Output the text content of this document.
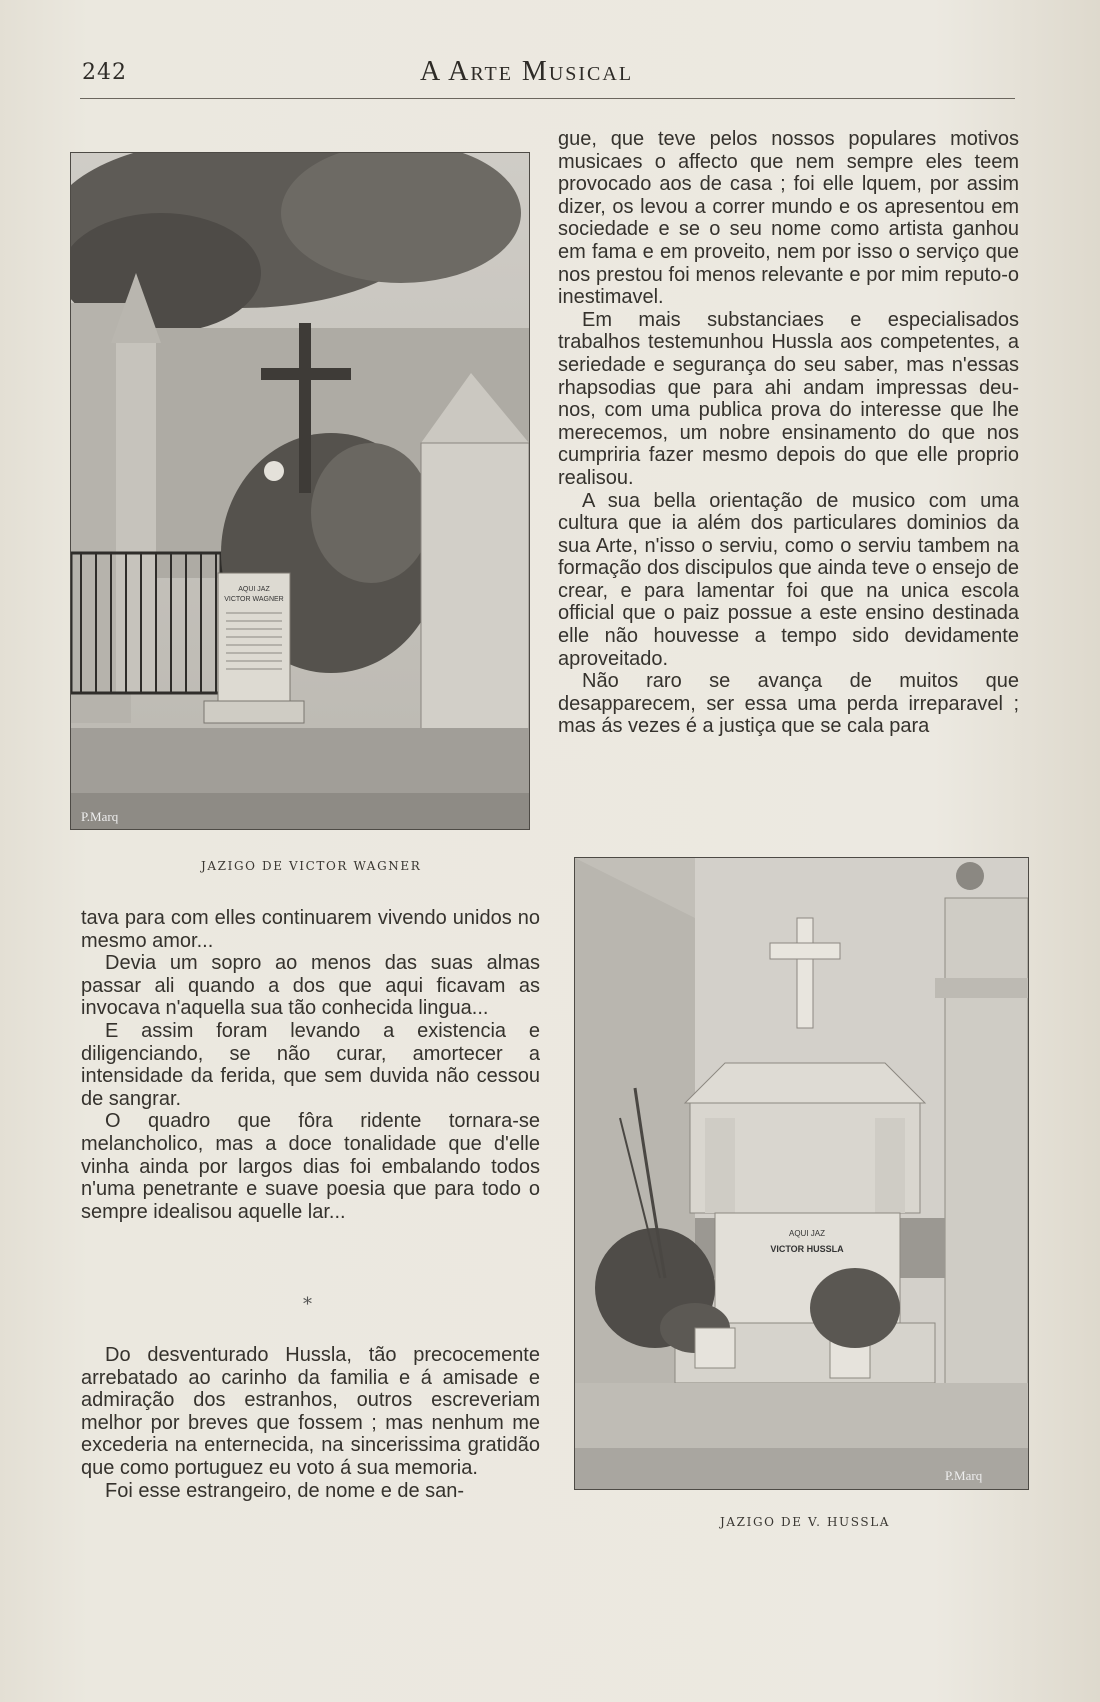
242	A Arte Musical
AQUI JAZ
VICTOR WAGNER
P.Marq
JAZIGO DE VICTOR WAGNER

gue, que teve pelos nossos populares motivos musicaes o affecto que nem sempre eles teem provocado aos de casa ; foi elle lquem, por assim dizer, os levou a correr mundo e os apresentou em sociedade e se o seu nome como artista ganhou em fama e em proveito, nem por isso o serviço que nos prestou foi menos relevante e por mim reputo-o inestimavel.

Em mais substanciaes e especialisados trabalhos testemunhou Hussla aos competentes, a seriedade e segurança do seu saber, mas n'essas rhapsodias que para ahi andam impressas deu-nos, com uma publica prova do interesse que lhe merecemos, um nobre ensinamento do que nos cumpriria fazer mesmo depois do que elle proprio realisou.

A sua bella orientação de musico com uma cultura que ia além dos particulares dominios da sua Arte, n'isso o serviu, como o serviu tambem na formação dos discipulos que ainda teve o ensejo de crear, e para lamentar foi que na unica escola official que o paiz possue a este ensino destinada elle não houvesse a tempo sido devidamente aproveitado.

Não raro se avança de muitos que desapparecem, ser essa uma perda irreparavel ; mas ás vezes é a justiça que se cala para

tava para com elles continuarem vivendo unidos no mesmo amor...

Devia um sopro ao menos das suas almas passar ali quando a dos que aqui ficavam as invocava n'aquella sua tão conhecida lingua...

E assim foram levando a existencia e diligenciando, se não curar, amortecer a intensidade da ferida, que sem duvida não cessou de sangrar.

O quadro que fôra ridente tornara-se melancholico, mas a doce tonalidade que d'elle vinha ainda por largos dias foi embalando todos n'uma penetrante e suave poesia que para todo o sempre idealisou aquelle lar...

*

Do desventurado Hussla, tão precocemente arrebatado ao carinho da familia e á amisade e admiração dos estranhos, outros escreveriam melhor por breves que fossem ; mas nenhum me excederia na enternecida, na sincerissima gratidão que como portuguez eu voto á sua memoria.

Foi esse estrangeiro, de nome e de san-

AQUI JAZ
VICTOR HUSSLA
P.Marq
JAZIGO DE V. HUSSLA
